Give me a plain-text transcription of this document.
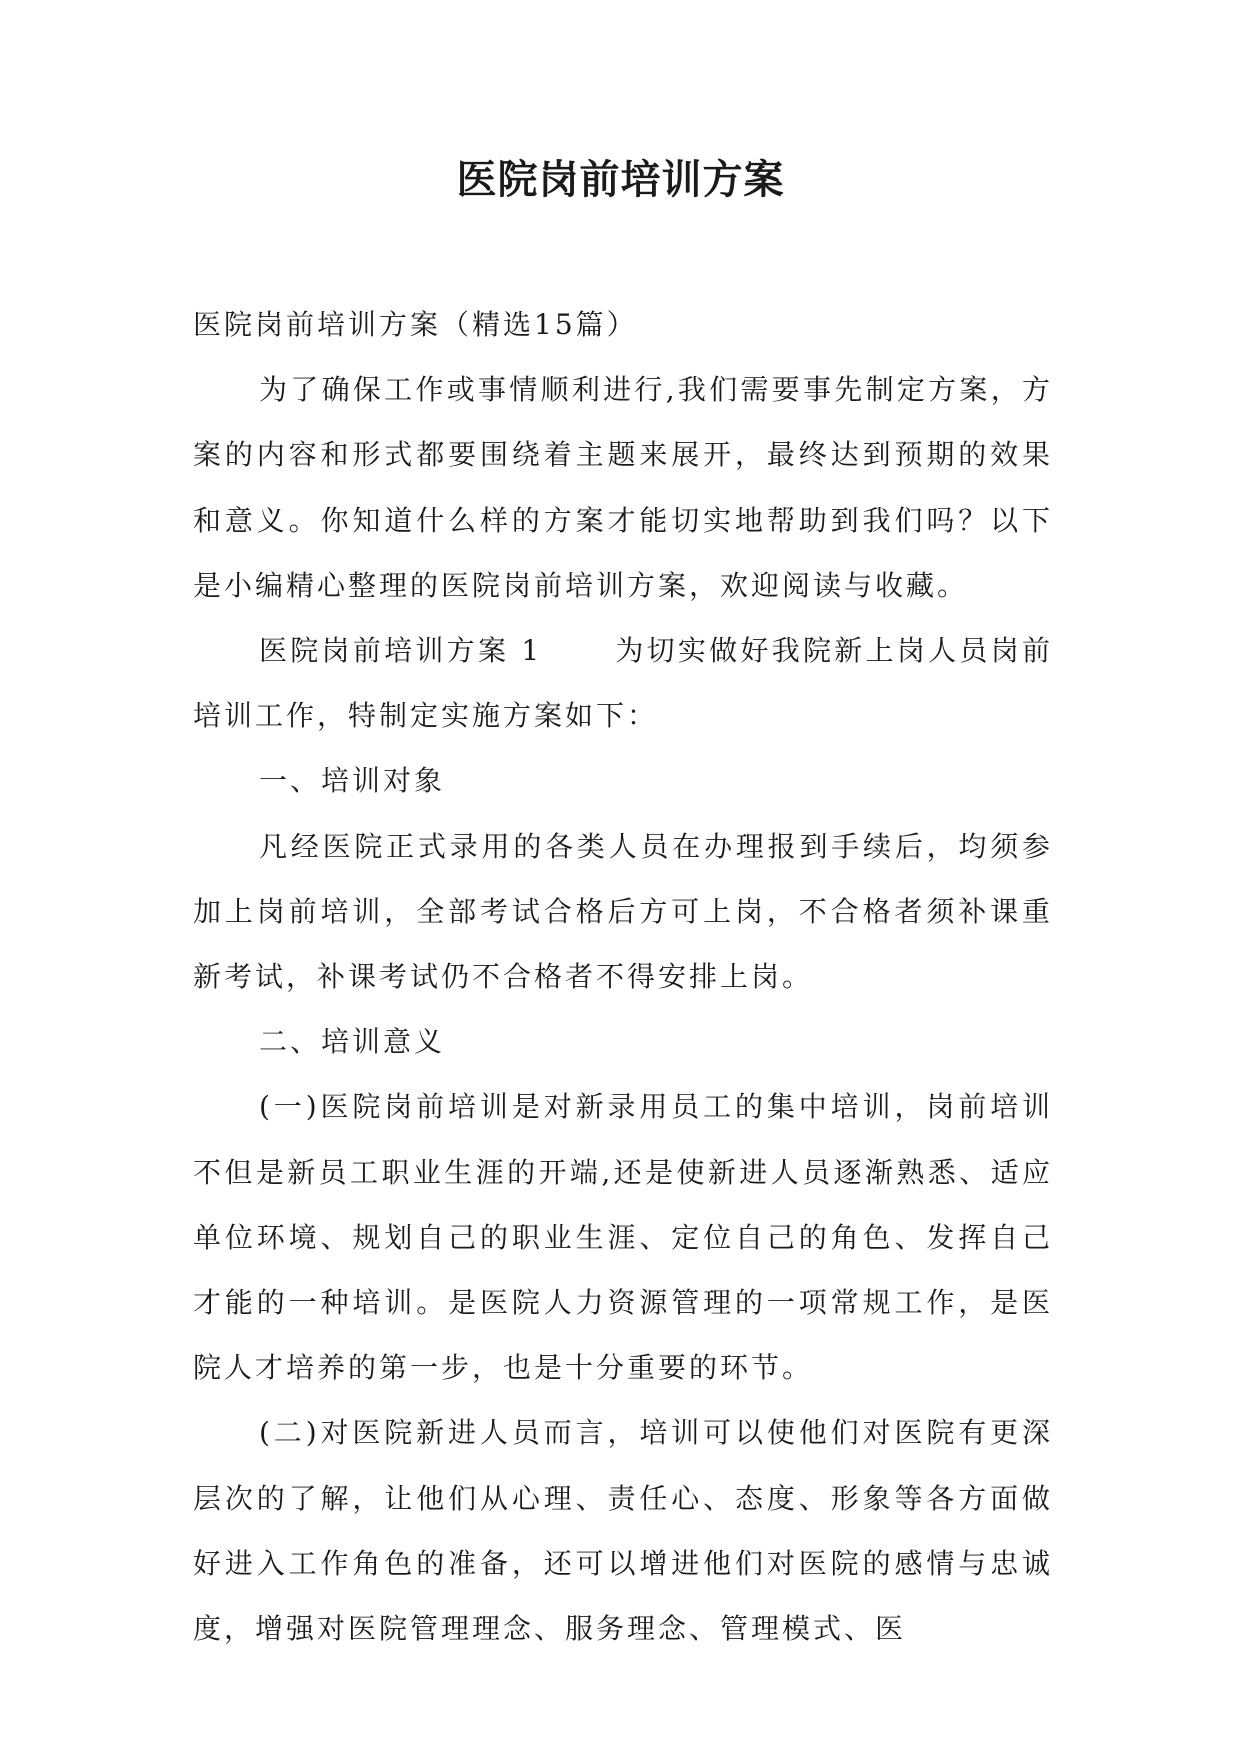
医院岗前培训方案

医院岗前培训方案（精选15篇）

为了确保工作或事情顺利进行,我们需要事先制定方案，方案的内容和形式都要围绕着主题来展开，最终达到预期的效果和意义。你知道什么样的方案才能切实地帮助到我们吗？以下是小编精心整理的医院岗前培训方案，欢迎阅读与收藏。

医院岗前培训方案 1	为切实做好我院新上岗人员岗前培训工作，特制定实施方案如下：

一、培训对象

凡经医院正式录用的各类人员在办理报到手续后，均须参加上岗前培训，全部考试合格后方可上岗，不合格者须补课重新考试，补课考试仍不合格者不得安排上岗。

二、培训意义

(一)医院岗前培训是对新录用员工的集中培训，岗前培训不但是新员工职业生涯的开端,还是使新进人员逐渐熟悉、适应单位环境、规划自己的职业生涯、定位自己的角色、发挥自己才能的一种培训。是医院人力资源管理的一项常规工作，是医院人才培养的第一步，也是十分重要的环节。

(二)对医院新进人员而言，培训可以使他们对医院有更深层次的了解，让他们从心理、责任心、态度、形象等各方面做好进入工作角色的准备，还可以增进他们对医院的感情与忠诚度，增强对医院管理理念、服务理念、管理模式、医
